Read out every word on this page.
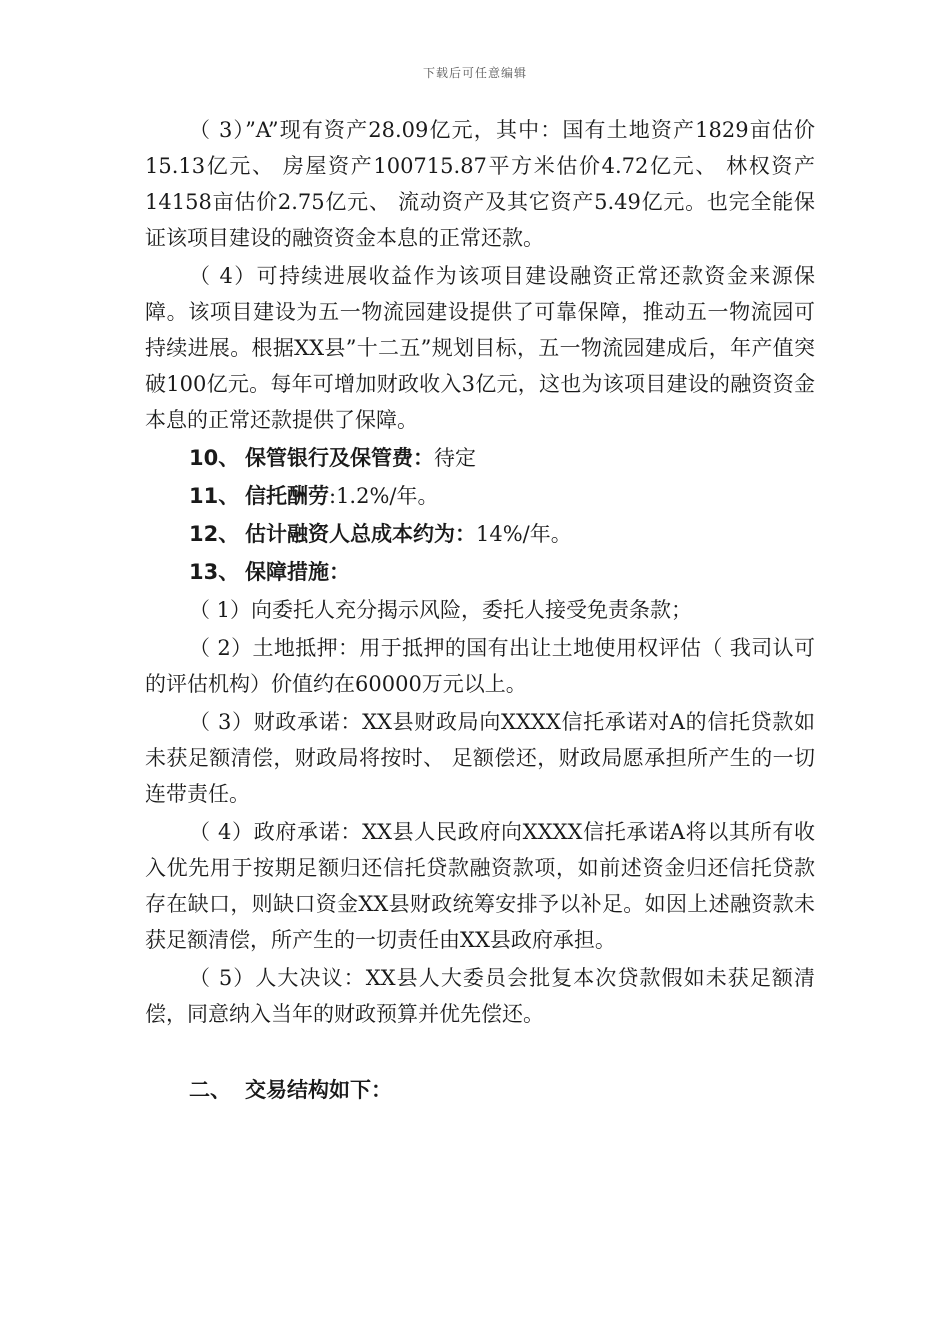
下载后可任意编辑

（ 3）”A”现有资产28.09亿元，其中：国有土地资产1829亩估价15.13亿元、 房屋资产100715.87平方米估价4.72亿元、 林权资产14158亩估价2.75亿元、 流动资产及其它资产5.49亿元。也完全能保证该项目建设的融资资金本息的正常还款。

（ 4）可持续进展收益作为该项目建设融资正常还款资金来源保障。该项目建设为五一物流园建设提供了可靠保障，推动五一物流园可持续进展。根据XX县”十二五”规划目标，五一物流园建成后，年产值突破100亿元。每年可增加财政收入3亿元，这也为该项目建设的融资资金本息的正常还款提供了保障。

10、 保管银行及保管费：待定
11、 信托酬劳:1.2%/年。
12、 估计融资人总成本约为：14%/年。
13、 保障措施：

（ 1）向委托人充分揭示风险，委托人接受免责条款；

（ 2）土地抵押：用于抵押的国有出让土地使用权评估（ 我司认可的评估机构）价值约在60000万元以上。

（ 3）财政承诺：XX县财政局向XXXX信托承诺对A的信托贷款如未获足额清偿，财政局将按时、 足额偿还，财政局愿承担所产生的一切连带责任。

（ 4）政府承诺：XX县人民政府向XXXX信托承诺A将以其所有收入优先用于按期足额归还信托贷款融资款项，如前述资金归还信托贷款存在缺口，则缺口资金XX县财政统筹安排予以补足。如因上述融资款未获足额清偿，所产生的一切责任由XX县政府承担。

（ 5）人大决议：XX县人大委员会批复本次贷款假如未获足额清偿，同意纳入当年的财政预算并优先偿还。

二、 交易结构如下：
